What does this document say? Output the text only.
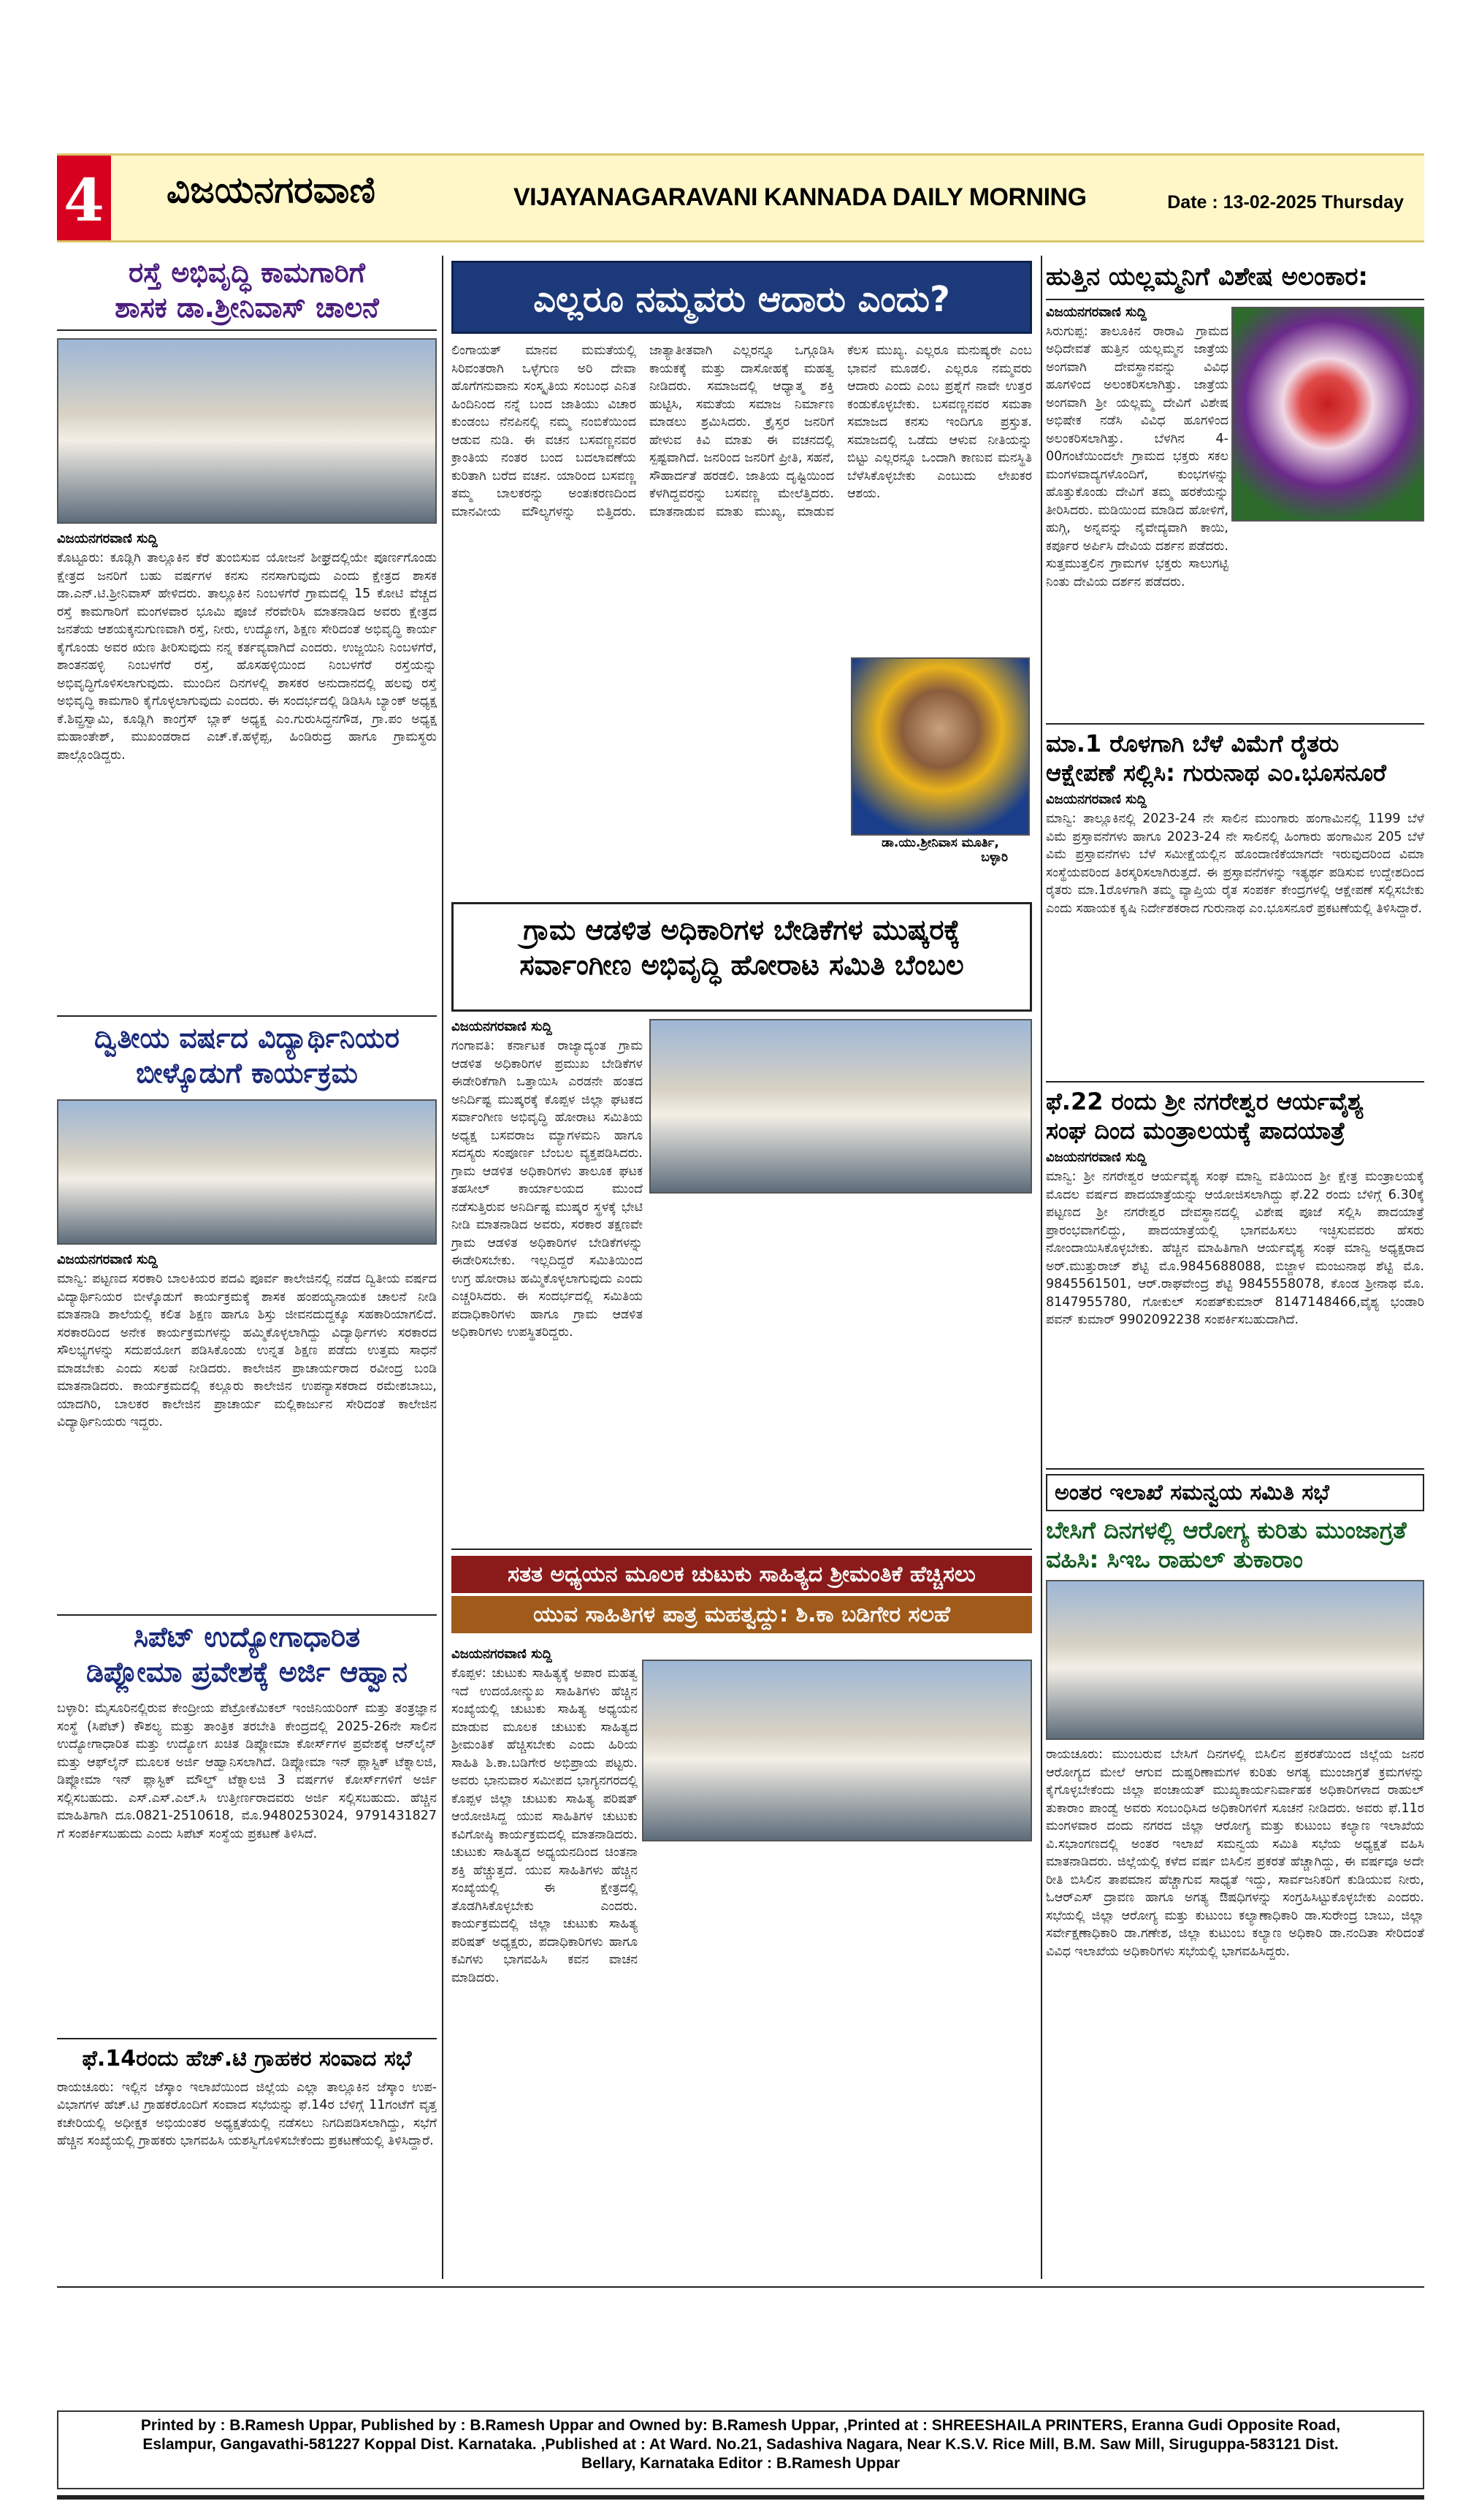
4 ವಿಜಯನಗರವಾಣಿ	VIJAYANAGARAVANI KANNADA DAILY MORNING	Date : 13-02-2025 Thursday
ರಸ್ತೆ ಅಭಿವೃದ್ಧಿ ಕಾಮಗಾರಿಗೆ
ಶಾಸಕ ಡಾ.ಶ್ರೀನಿವಾಸ್ ಚಾಲನೆ
ವಿಜಯನಗರವಾಣಿ ಸುದ್ದಿ
ಕೊಟ್ಟೂರು: ಕೂಡ್ಲಿಗಿ ತಾಲ್ಲೂಕಿನ ಕೆರೆ ತುಂಬಿಸುವ ಯೋಜನೆ ಶೀಘ್ರದಲ್ಲಿಯೇ ಪೂರ್ಣಗೊಂಡು ಕ್ಷೇತ್ರದ ಜನರಿಗೆ ಬಹು ವರ್ಷಗಳ ಕನಸು ನನಸಾಗುವುದು ಎಂದು ಕ್ಷೇತ್ರದ ಶಾಸಕ ಡಾ.ಎನ್.ಟಿ.ಶ್ರೀನಿವಾಸ್ ಹೇಳಿದರು. ತಾಲ್ಲೂಕಿನ ನಿಂಬಳಗೆರೆ ಗ್ರಾಮದಲ್ಲಿ 15 ಕೋಟಿ ವೆಚ್ಚದ ರಸ್ತೆ ಕಾಮಗಾರಿಗೆ ಮಂಗಳವಾರ ಭೂಮಿ ಪೂಜೆ ನೆರವೇರಿಸಿ ಮಾತನಾಡಿದ ಅವರು ಕ್ಷೇತ್ರದ ಜನತೆಯ ಆಶಯಕ್ಕನುಗುಣವಾಗಿ ರಸ್ತೆ, ನೀರು, ಉದ್ಯೋಗ, ಶಿಕ್ಷಣ ಸೇರಿದಂತೆ ಅಭಿವೃದ್ಧಿ ಕಾರ್ಯ ಕೈಗೊಂಡು ಅವರ ಋಣ ತೀರಿಸುವುದು ನನ್ನ ಕರ್ತವ್ಯವಾಗಿದೆ ಎಂದರು. ಉಜ್ಜಯಿನಿ ನಿಂಬಳಗೆರೆ, ಶಾಂತನಹಳ್ಳಿ ನಿಂಬಳಗೆರೆ ರಸ್ತೆ, ಹೊಸಹಳ್ಳಿಯಿಂದ ನಿಂಬಳಗೆರೆ ರಸ್ತೆಯನ್ನು ಅಭಿವೃದ್ಧಿಗೊಳಿಸಲಾಗುವುದು. ಮುಂದಿನ ದಿನಗಳಲ್ಲಿ ಶಾಸಕರ ಅನುದಾನದಲ್ಲಿ ಹಲವು ರಸ್ತೆ ಅಭಿವೃದ್ಧಿ ಕಾಮಗಾರಿ ಕೈಗೊಳ್ಳಲಾಗುವುದು ಎಂದರು. ಈ ಸಂದರ್ಭದಲ್ಲಿ ಡಿಡಿಸಿಸಿ ಬ್ಯಾಂಕ್ ಅಧ್ಯಕ್ಷ ಕೆ.ಶಿವ್ಪ್ರಸ್ವಾಮಿ, ಕೂಡ್ಲಿಗಿ ಕಾಂಗ್ರೆಸ್ ಬ್ಲಾಕ್ ಅಧ್ಯಕ್ಷ ಎಂ.ಗುರುಸಿದ್ದನಗೌಡ, ಗ್ರಾ.ಪಂ ಅಧ್ಯಕ್ಷ ಮಹಾಂತೇಶ್, ಮುಖಂಡರಾದ ಎಚ್.ಕೆ.ಹಳ್ಳೆಪ್ಪ, ಹಿಂಡಿರುದ್ರ ಹಾಗೂ ಗ್ರಾಮಸ್ಥರು ಪಾಲ್ಗೊಂಡಿದ್ದರು.
ದ್ವಿತೀಯ ವರ್ಷದ ವಿದ್ಯಾರ್ಥಿನಿಯರ
ಬೀಳ್ಕೊಡುಗೆ ಕಾರ್ಯಕ್ರಮ
ವಿಜಯನಗರವಾಣಿ ಸುದ್ದಿ
ಮಾನ್ವಿ: ಪಟ್ಟಣದ ಸರಕಾರಿ ಬಾಲಕಿಯರ ಪದವಿ ಪೂರ್ವ ಕಾಲೇಜಿನಲ್ಲಿ ನಡೆದ ದ್ವಿತೀಯ ವರ್ಷದ ವಿದ್ಯಾರ್ಥಿನಿಯರ ಬೀಳ್ಕೊಡುಗೆ ಕಾರ್ಯಕ್ರಮಕ್ಕೆ ಶಾಸಕ ಹಂಪಯ್ಯನಾಯಕ ಚಾಲನೆ ನೀಡಿ ಮಾತನಾಡಿ ಶಾಲೆಯಲ್ಲಿ ಕಲಿತ ಶಿಕ್ಷಣ ಹಾಗೂ ಶಿಸ್ತು ಜೀವನದುದ್ದಕ್ಕೂ ಸಹಕಾರಿಯಾಗಲಿದೆ. ಸರಕಾರದಿಂದ ಅನೇಕ ಕಾರ್ಯಕ್ರಮಗಳನ್ನು ಹಮ್ಮಿಕೊಳ್ಳಲಾಗಿದ್ದು ವಿದ್ಯಾರ್ಥಿಗಳು ಸರಕಾರದ ಸೌಲಭ್ಯಗಳನ್ನು ಸದುಪಯೋಗ ಪಡಿಸಿಕೊಂಡು ಉನ್ನತ ಶಿಕ್ಷಣ ಪಡೆದು ಉತ್ತಮ ಸಾಧನೆ ಮಾಡಬೇಕು ಎಂದು ಸಲಹೆ ನೀಡಿದರು. ಕಾಲೇಜಿನ ಪ್ರಾಚಾರ್ಯರಾದ ರವೀಂದ್ರ ಬಂಡಿ ಮಾತನಾಡಿದರು. ಕಾರ್ಯಕ್ರಮದಲ್ಲಿ ಕಲ್ಲೂರು ಕಾಲೇಜಿನ ಉಪನ್ಯಾಸಕರಾದ ರಮೇಶಬಾಬು, ಯಾದಗಿರಿ, ಬಾಲಕರ ಕಾಲೇಜಿನ ಪ್ರಾಚಾರ್ಯ ಮಲ್ಲಿಕಾರ್ಜುನ ಸೇರಿದಂತೆ ಕಾಲೇಜಿನ ವಿದ್ಯಾರ್ಥಿನಿಯರು ಇದ್ದರು.
ಸಿಪೆಟ್ ಉದ್ಯೋಗಾಧಾರಿತ
ಡಿಪ್ಲೋಮಾ ಪ್ರವೇಶಕ್ಕೆ ಅರ್ಜಿ ಆಹ್ವಾನ
ಬಳ್ಳಾರಿ: ಮೈಸೂರಿನಲ್ಲಿರುವ ಕೇಂದ್ರೀಯ ಪೆಟ್ರೋಕೆಮಿಕಲ್ ಇಂಜಿನಿಯರಿಂಗ್ ಮತ್ತು ತಂತ್ರಜ್ಞಾನ ಸಂಸ್ಥೆ (ಸಿಪೆಟ್) ಕೌಶಲ್ಯ ಮತ್ತು ತಾಂತ್ರಿಕ ತರಬೇತಿ ಕೇಂದ್ರದಲ್ಲಿ 2025-26ನೇ ಸಾಲಿನ ಉದ್ಯೋಗಾಧಾರಿತ ಮತ್ತು ಉದ್ಯೋಗ ಖಚಿತ ಡಿಪ್ಲೋಮಾ ಕೋರ್ಸ್‍ಗಳ ಪ್ರವೇಶಕ್ಕೆ ಆನ್‍ಲೈನ್ ಮತ್ತು ಆಫ್‍ಲೈನ್ ಮೂಲಕ ಅರ್ಜಿ ಆಹ್ವಾನಿಸಲಾಗಿದೆ. ಡಿಪ್ಲೋಮಾ ಇನ್ ಪ್ಲಾಸ್ಟಿಕ್ ಟೆಕ್ನಾಲಜಿ, ಡಿಪ್ಲೋಮಾ ಇನ್ ಪ್ಲಾಸ್ಟಿಕ್ ಮೌಲ್ಡ್ ಟೆಕ್ನಾಲಜಿ 3 ವರ್ಷಗಳ ಕೋರ್ಸ್‍ಗಳಿಗೆ ಅರ್ಜಿ ಸಲ್ಲಿಸಬಹುದು. ಎಸ್.ಎಸ್.ಎಲ್.ಸಿ ಉತ್ತೀರ್ಣರಾದವರು ಅರ್ಜಿ ಸಲ್ಲಿಸಬಹುದು. ಹೆಚ್ಚಿನ ಮಾಹಿತಿಗಾಗಿ ದೂ.0821-2510618, ಮೊ.9480253024, 9791431827 ಗೆ ಸಂಪರ್ಕಿಸಬಹುದು ಎಂದು ಸಿಪೆಟ್ ಸಂಸ್ಥೆಯ ಪ್ರಕಟಣೆ ತಿಳಿಸಿದೆ.
ಫೆ.14ರಂದು ಹೆಚ್.ಟಿ ಗ್ರಾಹಕರ ಸಂವಾದ ಸಭೆ
ರಾಯಚೂರು: ಇಲ್ಲಿನ ಜೆಸ್ಕಾಂ ಇಲಾಖೆಯಿಂದ ಜಿಲ್ಲೆಯ ಎಲ್ಲಾ ತಾಲ್ಲೂಕಿನ ಜೆಸ್ಕಾಂ ಉಪ-ವಿಭಾಗಗಳ ಹೆಚ್.ಟಿ ಗ್ರಾಹಕರೊಂದಿಗೆ ಸಂವಾದ ಸಭೆಯನ್ನು ಫೆ.14ರ ಬೆಳಿಗ್ಗೆ 11ಗಂಟೆಗೆ ವೃತ್ತ ಕಚೇರಿಯಲ್ಲಿ ಅಧೀಕ್ಷಕ ಅಭಿಯಂತರ ಅಧ್ಯಕ್ಷತೆಯಲ್ಲಿ ನಡೆಸಲು ನಿಗದಿಪಡಿಸಲಾಗಿದ್ದು, ಸಭೆಗೆ ಹೆಚ್ಚಿನ ಸಂಖ್ಯೆಯಲ್ಲಿ ಗ್ರಾಹಕರು ಭಾಗವಹಿಸಿ ಯಶಸ್ವಿಗೊಳಿಸಬೇಕೆಂದು ಪ್ರಕಟಣೆಯಲ್ಲಿ ತಿಳಿಸಿದ್ದಾರೆ.
ಎಲ್ಲರೂ ನಮ್ಮವರು ಆದಾರು ಎಂದು?
ಲಿಂಗಾಯತ್ ಮಾನವ ಮಮತೆಯಲ್ಲಿ ಸಿರಿವಂತರಾಗಿ ಒಳ್ಳೆಗುಣ ಅರಿ ದೇವಾ ಹೊಗೆಗನುವಾನು ಸಂಸ್ಕೃತಿಯ ಸಂಬಂಧ ಎನಿತ ಹಿಂದಿನಿಂದ ನನ್ನೆ ಬಂದ ಜಾತಿಯು ವಿಚಾರ ಕುಂಡಂಬ ನೆನಪಿನಲ್ಲಿ ನಮ್ಮ ನಂಬಿಕೆಯಿಂದ ಆಡುವ ನುಡಿ. ಈ ವಚನ ಬಸವಣ್ಣನವರ ಕ್ರಾಂತಿಯ ನಂತರ ಬಂದ ಬದಲಾವಣೆಯ ಕುರಿತಾಗಿ ಬರೆದ ವಚನ. ಯಾರಿಂದ ಬಸವಣ್ಣ ತಮ್ಮ ಬಾಲಕರನ್ನು ಅಂತಃಕರಣದಿಂದ ಮಾನವೀಯ ಮೌಲ್ಯಗಳನ್ನು ಬಿತ್ತಿದರು. ಜಾತ್ಯಾತೀತವಾಗಿ ಎಲ್ಲರನ್ನೂ ಒಗ್ಗೂಡಿಸಿ ಕಾಯಕಕ್ಕೆ ಮತ್ತು ದಾಸೋಹಕ್ಕೆ ಮಹತ್ವ ನೀಡಿದರು. ಸಮಾಜದಲ್ಲಿ ಆಧ್ಯಾತ್ಮ ಶಕ್ತಿ ಹುಟ್ಟಿಸಿ, ಸಮತೆಯ ಸಮಾಜ ನಿರ್ಮಾಣ ಮಾಡಲು ಶ್ರಮಿಸಿದರು. ಕ್ರೈಸ್ತರ ಜನರಿಗೆ ಹೇಳುವ ಕಿವಿ ಮಾತು ಈ ವಚನದಲ್ಲಿ ಸ್ಪಷ್ಟವಾಗಿದೆ. ಜನರಿಂದ ಜನರಿಗೆ ಪ್ರೀತಿ, ಸಹನೆ, ಸೌಹಾರ್ದತೆ ಹರಡಲಿ. ಜಾತಿಯ ದೃಷ್ಟಿಯಿಂದ ಕೆಳಗಿದ್ದವರನ್ನು ಬಸವಣ್ಣ ಮೇಲೆತ್ತಿದರು. ಮಾತನಾಡುವ ಮಾತು ಮುಖ್ಯ, ಮಾಡುವ ಕೆಲಸ ಮುಖ್ಯ. ಎಲ್ಲರೂ ಮನುಷ್ಯರೇ ಎಂಬ ಭಾವನೆ ಮೂಡಲಿ. ಎಲ್ಲರೂ ನಮ್ಮವರು ಆದಾರು ಎಂದು ಎಂಬ ಪ್ರಶ್ನೆಗೆ ನಾವೇ ಉತ್ತರ ಕಂಡುಕೊಳ್ಳಬೇಕು. ಬಸವಣ್ಣನವರ ಸಮತಾ ಸಮಾಜದ ಕನಸು ಇಂದಿಗೂ ಪ್ರಸ್ತುತ. ಸಮಾಜದಲ್ಲಿ ಒಡೆದು ಆಳುವ ನೀತಿಯನ್ನು ಬಿಟ್ಟು ಎಲ್ಲರನ್ನೂ ಒಂದಾಗಿ ಕಾಣುವ ಮನಸ್ಥಿತಿ ಬೆಳೆಸಿಕೊಳ್ಳಬೇಕು ಎಂಬುದು ಲೇಖಕರ ಆಶಯ.
ಡಾ.ಯು.ಶ್ರೀನಿವಾಸ ಮೂರ್ತಿ,
ಬಳ್ಳಾರಿ
ಗ್ರಾಮ ಆಡಳಿತ ಅಧಿಕಾರಿಗಳ ಬೇಡಿಕೆಗಳ ಮುಷ್ಕರಕ್ಕೆ
ಸರ್ವಾಂಗೀಣ ಅಭಿವೃದ್ಧಿ ಹೋರಾಟ ಸಮಿತಿ ಬೆಂಬಲ
ವಿಜಯನಗರವಾಣಿ ಸುದ್ದಿ
ಗಂಗಾವತಿ: ಕರ್ನಾಟಕ ರಾಜ್ಯಾದ್ಯಂತ ಗ್ರಾಮ ಆಡಳಿತ ಅಧಿಕಾರಿಗಳ ಪ್ರಮುಖ ಬೇಡಿಕೆಗಳ ಈಡೇರಿಕೆಗಾಗಿ ಒತ್ತಾಯಿಸಿ ಎರಡನೇ ಹಂತದ ಅನಿರ್ದಿಷ್ಟ ಮುಷ್ಕರಕ್ಕೆ ಕೊಪ್ಪಳ ಜಿಲ್ಲಾ ಘಟಕದ ಸರ್ವಾಂಗೀಣ ಅಭಿವೃದ್ಧಿ ಹೋರಾಟ ಸಮಿತಿಯ ಅಧ್ಯಕ್ಷ ಬಸವರಾಜ ಮ್ಯಾಗಳಮನಿ ಹಾಗೂ ಸದಸ್ಯರು ಸಂಪೂರ್ಣ ಬೆಂಬಲ ವ್ಯಕ್ತಪಡಿಸಿದರು. ಗ್ರಾಮ ಆಡಳಿತ ಅಧಿಕಾರಿಗಳು ತಾಲೂಕ ಘಟಕ ತಹಸೀಲ್ ಕಾರ್ಯಾಲಯದ ಮುಂದೆ ನಡೆಸುತ್ತಿರುವ ಅನಿರ್ದಿಷ್ಟ ಮುಷ್ಕರ ಸ್ಥಳಕ್ಕೆ ಭೇಟಿ ನೀಡಿ ಮಾತನಾಡಿದ ಅವರು, ಸರಕಾರ ತಕ್ಷಣವೇ ಗ್ರಾಮ ಆಡಳಿತ ಅಧಿಕಾರಿಗಳ ಬೇಡಿಕೆಗಳನ್ನು ಈಡೇರಿಸಬೇಕು. ಇಲ್ಲದಿದ್ದರೆ ಸಮಿತಿಯಿಂದ ಉಗ್ರ ಹೋರಾಟ ಹಮ್ಮಿಕೊಳ್ಳಲಾಗುವುದು ಎಂದು ಎಚ್ಚರಿಸಿದರು. ಈ ಸಂದರ್ಭದಲ್ಲಿ ಸಮಿತಿಯ ಪದಾಧಿಕಾರಿಗಳು ಹಾಗೂ ಗ್ರಾಮ ಆಡಳಿತ ಅಧಿಕಾರಿಗಳು ಉಪಸ್ಥಿತರಿದ್ದರು.
ಸತತ ಅಧ್ಯಯನ ಮೂಲಕ ಚುಟುಕು ಸಾಹಿತ್ಯದ ಶ್ರೀಮಂತಿಕೆ ಹೆಚ್ಚಿಸಲು
ಯುವ ಸಾಹಿತಿಗಳ ಪಾತ್ರ ಮಹತ್ವದ್ದು: ಶಿ.ಕಾ ಬಡಿಗೇರ ಸಲಹೆ
ವಿಜಯನಗರವಾಣಿ ಸುದ್ದಿ
ಕೊಪ್ಪಳ: ಚುಟುಕು ಸಾಹಿತ್ಯಕ್ಕೆ ಅಪಾರ ಮಹತ್ವ ಇದೆ ಉದಯೋನ್ಮುಖ ಸಾಹಿತಿಗಳು ಹೆಚ್ಚಿನ ಸಂಖ್ಯೆಯಲ್ಲಿ ಚುಟುಕು ಸಾಹಿತ್ಯ ಅಧ್ಯಯನ ಮಾಡುವ ಮೂಲಕ ಚುಟುಕು ಸಾಹಿತ್ಯದ ಶ್ರೀಮಂತಿಕೆ ಹೆಚ್ಚಿಸಬೇಕು ಎಂದು ಹಿರಿಯ ಸಾಹಿತಿ ಶಿ.ಕಾ.ಬಡಿಗೇರ ಅಭಿಪ್ರಾಯ ಪಟ್ಟರು. ಅವರು ಭಾನುವಾರ ಸಮೀಪದ ಭಾಗ್ಯನಗರದಲ್ಲಿ ಕೊಪ್ಪಳ ಜಿಲ್ಲಾ ಚುಟುಕು ಸಾಹಿತ್ಯ ಪರಿಷತ್ ಆಯೋಜಿಸಿದ್ದ ಯುವ ಸಾಹಿತಿಗಳ ಚುಟುಕು ಕವಿಗೋಷ್ಠಿ ಕಾರ್ಯಕ್ರಮದಲ್ಲಿ ಮಾತನಾಡಿದರು. ಚುಟುಕು ಸಾಹಿತ್ಯದ ಅಧ್ಯಯನದಿಂದ ಚಿಂತನಾ ಶಕ್ತಿ ಹೆಚ್ಚುತ್ತದೆ. ಯುವ ಸಾಹಿತಿಗಳು ಹೆಚ್ಚಿನ ಸಂಖ್ಯೆಯಲ್ಲಿ ಈ ಕ್ಷೇತ್ರದಲ್ಲಿ ತೊಡಗಿಸಿಕೊಳ್ಳಬೇಕು ಎಂದರು. ಕಾರ್ಯಕ್ರಮದಲ್ಲಿ ಜಿಲ್ಲಾ ಚುಟುಕು ಸಾಹಿತ್ಯ ಪರಿಷತ್ ಅಧ್ಯಕ್ಷರು, ಪದಾಧಿಕಾರಿಗಳು ಹಾಗೂ ಕವಿಗಳು ಭಾಗವಹಿಸಿ ಕವನ ವಾಚನ ಮಾಡಿದರು.
ಹುತ್ತಿನ ಯಲ್ಲಮ್ಮನಿಗೆ ವಿಶೇಷ ಅಲಂಕಾರ:
ವಿಜಯನಗರವಾಣಿ ಸುದ್ದಿ
ಸಿರುಗುಪ್ಪ: ತಾಲೂಕಿನ ರಾರಾವಿ ಗ್ರಾಮದ ಅಧಿದೇವತೆ ಹುತ್ತಿನ ಯಲ್ಲಮ್ಮನ ಜಾತ್ರೆಯ ಅಂಗವಾಗಿ ದೇವಸ್ಥಾನವನ್ನು ವಿವಿಧ ಹೂಗಳಿಂದ ಅಲಂಕರಿಸಲಾಗಿತ್ತು. ಜಾತ್ರೆಯ ಅಂಗವಾಗಿ ಶ್ರೀ ಯಲ್ಲಮ್ಮ ದೇವಿಗೆ ವಿಶೇಷ ಅಭಿಷೇಕ ನಡೆಸಿ ವಿವಿಧ ಹೂಗಳಿಂದ ಅಲಂಕರಿಸಲಾಗಿತ್ತು. ಬೆಳಗಿನ 4-00ಗಂಟೆಯಿಂದಲೇ ಗ್ರಾಮದ ಭಕ್ತರು ಸಕಲ ಮಂಗಳವಾದ್ಯಗಳೊಂದಿಗೆ, ಕುಂಭಗಳನ್ನು ಹೊತ್ತುಕೊಂಡು ದೇವಿಗೆ ತಮ್ಮ ಹರಕೆಯನ್ನು ತೀರಿಸಿದರು. ಮಡಿಯಿಂದ ಮಾಡಿದ ಹೋಳಿಗೆ, ಹುಗ್ಗಿ, ಅನ್ನವನ್ನು ನೈವೇದ್ಯವಾಗಿ ಕಾಯಿ, ಕರ್ಪೂರ ಅರ್ಪಿಸಿ ದೇವಿಯ ದರ್ಶನ ಪಡೆದರು. ಸುತ್ತಮುತ್ತಲಿನ ಗ್ರಾಮಗಳ ಭಕ್ತರು ಸಾಲುಗಟ್ಟಿ ನಿಂತು ದೇವಿಯ ದರ್ಶನ ಪಡೆದರು.
ಮಾ.1 ರೊಳಗಾಗಿ ಬೆಳೆ ವಿಮೆಗೆ ರೈತರು
ಆಕ್ಷೇಪಣೆ ಸಲ್ಲಿಸಿ: ಗುರುನಾಥ ಎಂ.ಭೂಸನೂರೆ
ವಿಜಯನಗರವಾಣಿ ಸುದ್ದಿ
ಮಾನ್ವಿ: ತಾಲ್ಲೂಕಿನಲ್ಲಿ 2023-24 ನೇ ಸಾಲಿನ ಮುಂಗಾರು ಹಂಗಾಮಿನಲ್ಲಿ 1199 ಬೆಳೆ ವಿಮೆ ಪ್ರಸ್ತಾವನೆಗಳು ಹಾಗೂ 2023-24 ನೇ ಸಾಲಿನಲ್ಲಿ ಹಿಂಗಾರು ಹಂಗಾಮಿನ 205 ಬೆಳೆ ವಿಮೆ ಪ್ರಸ್ತಾವನೆಗಳು ಬೆಳೆ ಸಮೀಕ್ಷೆಯಲ್ಲಿನ ಹೊಂದಾಣಿಕೆಯಾಗದೇ ಇರುವುದರಿಂದ ವಿಮಾ ಸಂಸ್ಥೆಯವರಿಂದ ತಿರಸ್ಕರಿಸಲಾಗಿರುತ್ತದೆ. ಈ ಪ್ರಸ್ತಾವನೆಗಳನ್ನು ಇತ್ಯರ್ಥ ಪಡಿಸುವ ಉದ್ದೇಶದಿಂದ ರೈತರು ಮಾ.1ರೊಳಗಾಗಿ ತಮ್ಮ ವ್ಯಾಪ್ತಿಯ ರೈತ ಸಂಪರ್ಕ ಕೇಂದ್ರಗಳಲ್ಲಿ ಆಕ್ಷೇಪಣೆ ಸಲ್ಲಿಸಬೇಕು ಎಂದು ಸಹಾಯಕ ಕೃಷಿ ನಿರ್ದೇಶಕರಾದ ಗುರುನಾಥ ಎಂ.ಭೂಸನೂರೆ ಪ್ರಕಟಣೆಯಲ್ಲಿ ತಿಳಿಸಿದ್ದಾರೆ.
ಫೆ.22 ರಂದು ಶ್ರೀ ನಗರೇಶ್ವರ ಆರ್ಯವೈಶ್ಯ
ಸಂಘ ದಿಂದ ಮಂತ್ರಾಲಯಕ್ಕೆ ಪಾದಯಾತ್ರೆ
ವಿಜಯನಗರವಾಣಿ ಸುದ್ದಿ
ಮಾನ್ವಿ: ಶ್ರೀ ನಗರೇಶ್ವರ ಆರ್ಯವೈಶ್ಯ ಸಂಘ ಮಾನ್ವಿ ವತಿಯಿಂದ ಶ್ರೀ ಕ್ಷೇತ್ರ ಮಂತ್ರಾಲಯಕ್ಕೆ ಮೊದಲ ವರ್ಷದ ಪಾದಯಾತ್ರೆಯನ್ನು ಆಯೋಜಿಸಲಾಗಿದ್ದು ಫೆ.22 ರಂದು ಬೆಳಿಗ್ಗೆ 6.30ಕ್ಕೆ ಪಟ್ಟಣದ ಶ್ರೀ ನಗರೇಶ್ವರ ದೇವಸ್ಥಾನದಲ್ಲಿ ವಿಶೇಷ ಪೂಜೆ ಸಲ್ಲಿಸಿ ಪಾದಯಾತ್ರೆ ಪ್ರಾರಂಭವಾಗಲಿದ್ದು, ಪಾದಯಾತ್ರೆಯಲ್ಲಿ ಭಾಗವಹಿಸಲು ಇಚ್ಛಿಸುವವರು ಹೆಸರು ನೋಂದಾಯಿಸಿಕೊಳ್ಳಬೇಕು. ಹೆಚ್ಚಿನ ಮಾಹಿತಿಗಾಗಿ ಆರ್ಯವೈಶ್ಯ ಸಂಘ ಮಾನ್ವಿ ಅಧ್ಯಕ್ಷರಾದ ಅರ್.ಮುತ್ತುರಾಜ್ ಶೆಟ್ಟಿ ಮೊ.9845688088, ಬಿಜ್ಜಾಳ ಮಂಜುನಾಥ ಶೆಟ್ಟಿ ಮೊ. 9845561501, ಆರ್.ರಾಘವೇಂದ್ರ ಶೆಟ್ಟಿ 9845558078, ಕೊಂಡ ಶ್ರೀನಾಥ ಮೊ. 8147955780, ಗೋಕುಲ್ ಸಂಪತ್‍ಕುಮಾರ್ 8147148466,ವೈಶ್ಯ ಭಂಡಾರಿ ಪವನ್ ಕುಮಾರ್ 9902092238 ಸಂಪರ್ಕಿಸಬಹುದಾಗಿದೆ.
ಅಂತರ ಇಲಾಖೆ ಸಮನ್ವಯ ಸಮಿತಿ ಸಭೆ
ಬೇಸಿಗೆ ದಿನಗಳಲ್ಲಿ ಆರೋಗ್ಯ ಕುರಿತು ಮುಂಜಾಗ್ರತೆ
ವಹಿಸಿ: ಸಿಇಒ ರಾಹುಲ್ ತುಕಾರಾಂ
ರಾಯಚೂರು: ಮುಂಬರುವ ಬೇಸಿಗೆ ದಿನಗಳಲ್ಲಿ ಬಿಸಿಲಿನ ಪ್ರಕರತೆಯಿಂದ ಜಿಲ್ಲೆಯ ಜನರ ಆರೋಗ್ಯದ ಮೇಲೆ ಆಗುವ ದುಷ್ಪರಿಣಾಮಗಳ ಕುರಿತು ಅಗತ್ಯ ಮುಂಜಾಗ್ರತೆ ಕ್ರಮಗಳನ್ನು ಕೈಗೊಳ್ಳಬೇಕೆಂದು ಜಿಲ್ಲಾ ಪಂಚಾಯತ್ ಮುಖ್ಯಕಾರ್ಯನಿರ್ವಾಹಕ ಅಧಿಕಾರಿಗಳಾದ ರಾಹುಲ್ ತುಕಾರಾಂ ಪಾಂಡ್ವೆ ಅವರು ಸಂಬಂಧಿಸಿದ ಅಧಿಕಾರಿಗಳಿಗೆ ಸೂಚನೆ ನೀಡಿದರು. ಅವರು ಫೆ.11ರ ಮಂಗಳವಾರ ದಂದು ನಗರದ ಜಿಲ್ಲಾ ಆರೋಗ್ಯ ಮತ್ತು ಕುಟುಂಬ ಕಲ್ಯಾಣ ಇಲಾಖೆಯ ವಿ.ಸಭಾಂಗಣದಲ್ಲಿ ಅಂತರ ಇಲಾಖೆ ಸಮನ್ವಯ ಸಮಿತಿ ಸಭೆಯ ಅಧ್ಯಕ್ಷತೆ ವಹಿಸಿ ಮಾತನಾಡಿದರು. ಜಿಲ್ಲೆಯಲ್ಲಿ ಕಳೆದ ವರ್ಷ ಬಿಸಿಲಿನ ಪ್ರಕರತೆ ಹೆಚ್ಚಾಗಿದ್ದು, ಈ ವರ್ಷವೂ ಅದೇ ರೀತಿ ಬಿಸಿಲಿನ ತಾಪಮಾನ ಹೆಚ್ಚಾಗುವ ಸಾಧ್ಯತೆ ಇದ್ದು, ಸಾರ್ವಜನಿಕರಿಗೆ ಕುಡಿಯುವ ನೀರು, ಓಆರ್‍ಎಸ್ ದ್ರಾವಣ ಹಾಗೂ ಅಗತ್ಯ ಔಷಧಿಗಳನ್ನು ಸಂಗ್ರಹಿಸಿಟ್ಟುಕೊಳ್ಳಬೇಕು ಎಂದರು. ಸಭೆಯಲ್ಲಿ ಜಿಲ್ಲಾ ಆರೋಗ್ಯ ಮತ್ತು ಕುಟುಂಬ ಕಲ್ಯಾಣಾಧಿಕಾರಿ ಡಾ.ಸುರೇಂದ್ರ ಬಾಬು, ಜಿಲ್ಲಾ ಸರ್ವೇಕ್ಷಣಾಧಿಕಾರಿ ಡಾ.ಗಣೇಶ, ಜಿಲ್ಲಾ ಕುಟುಂಬ ಕಲ್ಯಾಣ ಅಧಿಕಾರಿ ಡಾ.ನಂದಿತಾ ಸೇರಿದಂತೆ ವಿವಿಧ ಇಲಾಖೆಯ ಅಧಿಕಾರಿಗಳು ಸಭೆಯಲ್ಲಿ ಭಾಗವಹಿಸಿದ್ದರು.
Printed by : B.Ramesh Uppar, Published by : B.Ramesh Uppar and Owned by: B.Ramesh Uppar, ,Printed at : SHREESHAILA PRINTERS, Eranna Gudi Opposite Road,
Eslampur, Gangavathi-581227 Koppal Dist. Karnataka. ,Published at : At Ward. No.21, Sadashiva Nagara, Near K.S.V. Rice Mill, B.M. Saw Mill, Siruguppa-583121 Dist.
Bellary, Karnataka Editor : B.Ramesh Uppar
